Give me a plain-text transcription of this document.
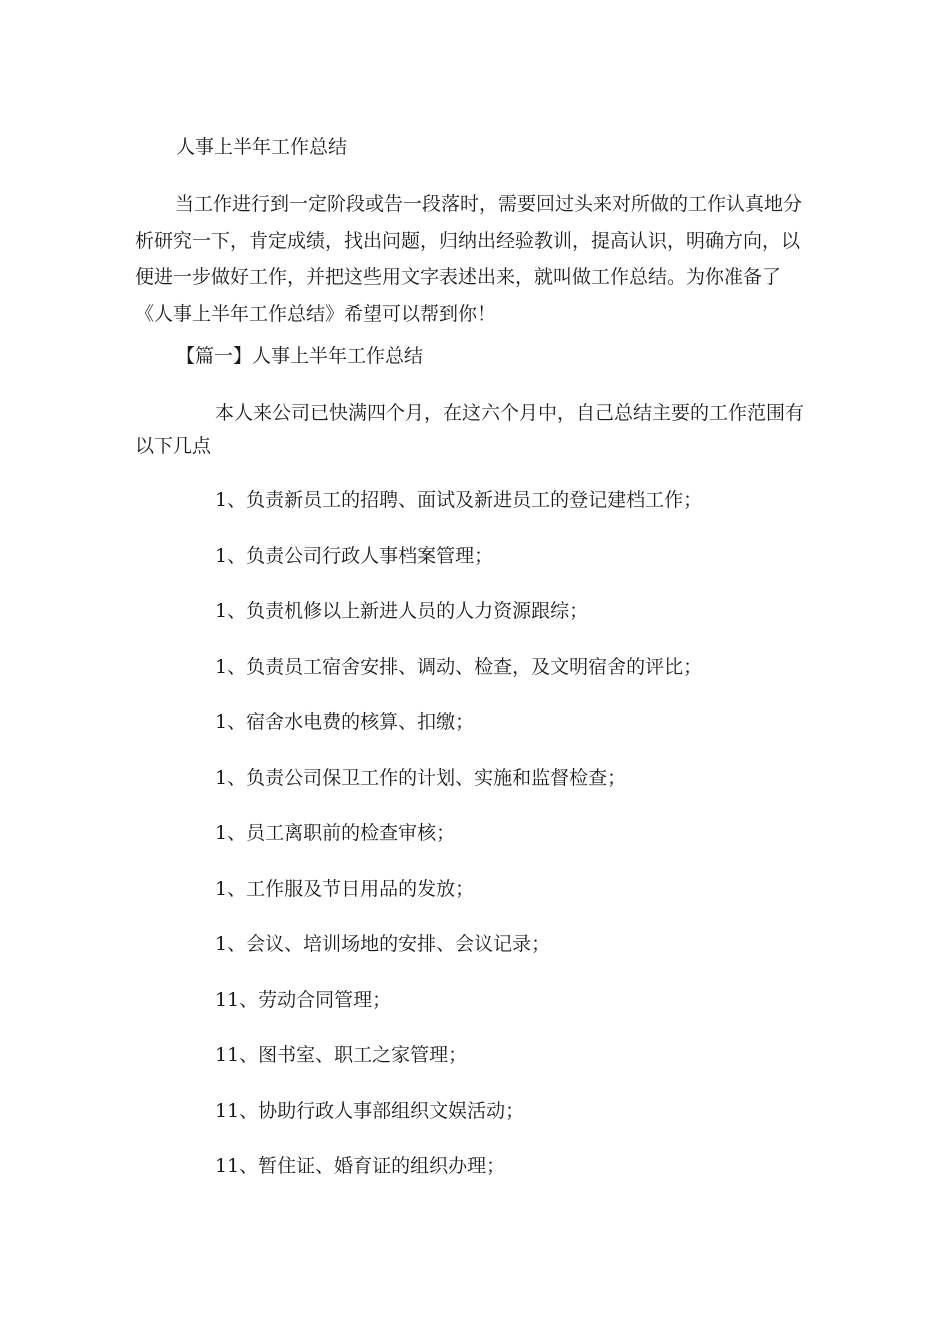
人事上半年工作总结
当工作进行到一定阶段或告一段落时，需要回过头来对所做的工作认真地分
析研究一下，肯定成绩，找出问题，归纳出经验教训，提高认识，明确方向，以
便进一步做好工作，并把这些用文字表述出来，就叫做工作总结。为你准备了
《人事上半年工作总结》希望可以帮到你！
【篇一】人事上半年工作总结
本人来公司已快满四个月，在这六个月中，自己总结主要的工作范围有
以下几点
1、负责新员工的招聘、面试及新进员工的登记建档工作；
1、负责公司行政人事档案管理；
1、负责机修以上新进人员的人力资源跟综；
1、负责员工宿舍安排、调动、检查，及文明宿舍的评比；
1、宿舍水电费的核算、扣缴；
1、负责公司保卫工作的计划、实施和监督检查；
1、员工离职前的检查审核；
1、工作服及节日用品的发放；
1、会议、培训场地的安排、会议记录；
11、劳动合同管理；
11、图书室、职工之家管理；
11、协助行政人事部组织文娱活动；
11、暂住证、婚育证的组织办理；
